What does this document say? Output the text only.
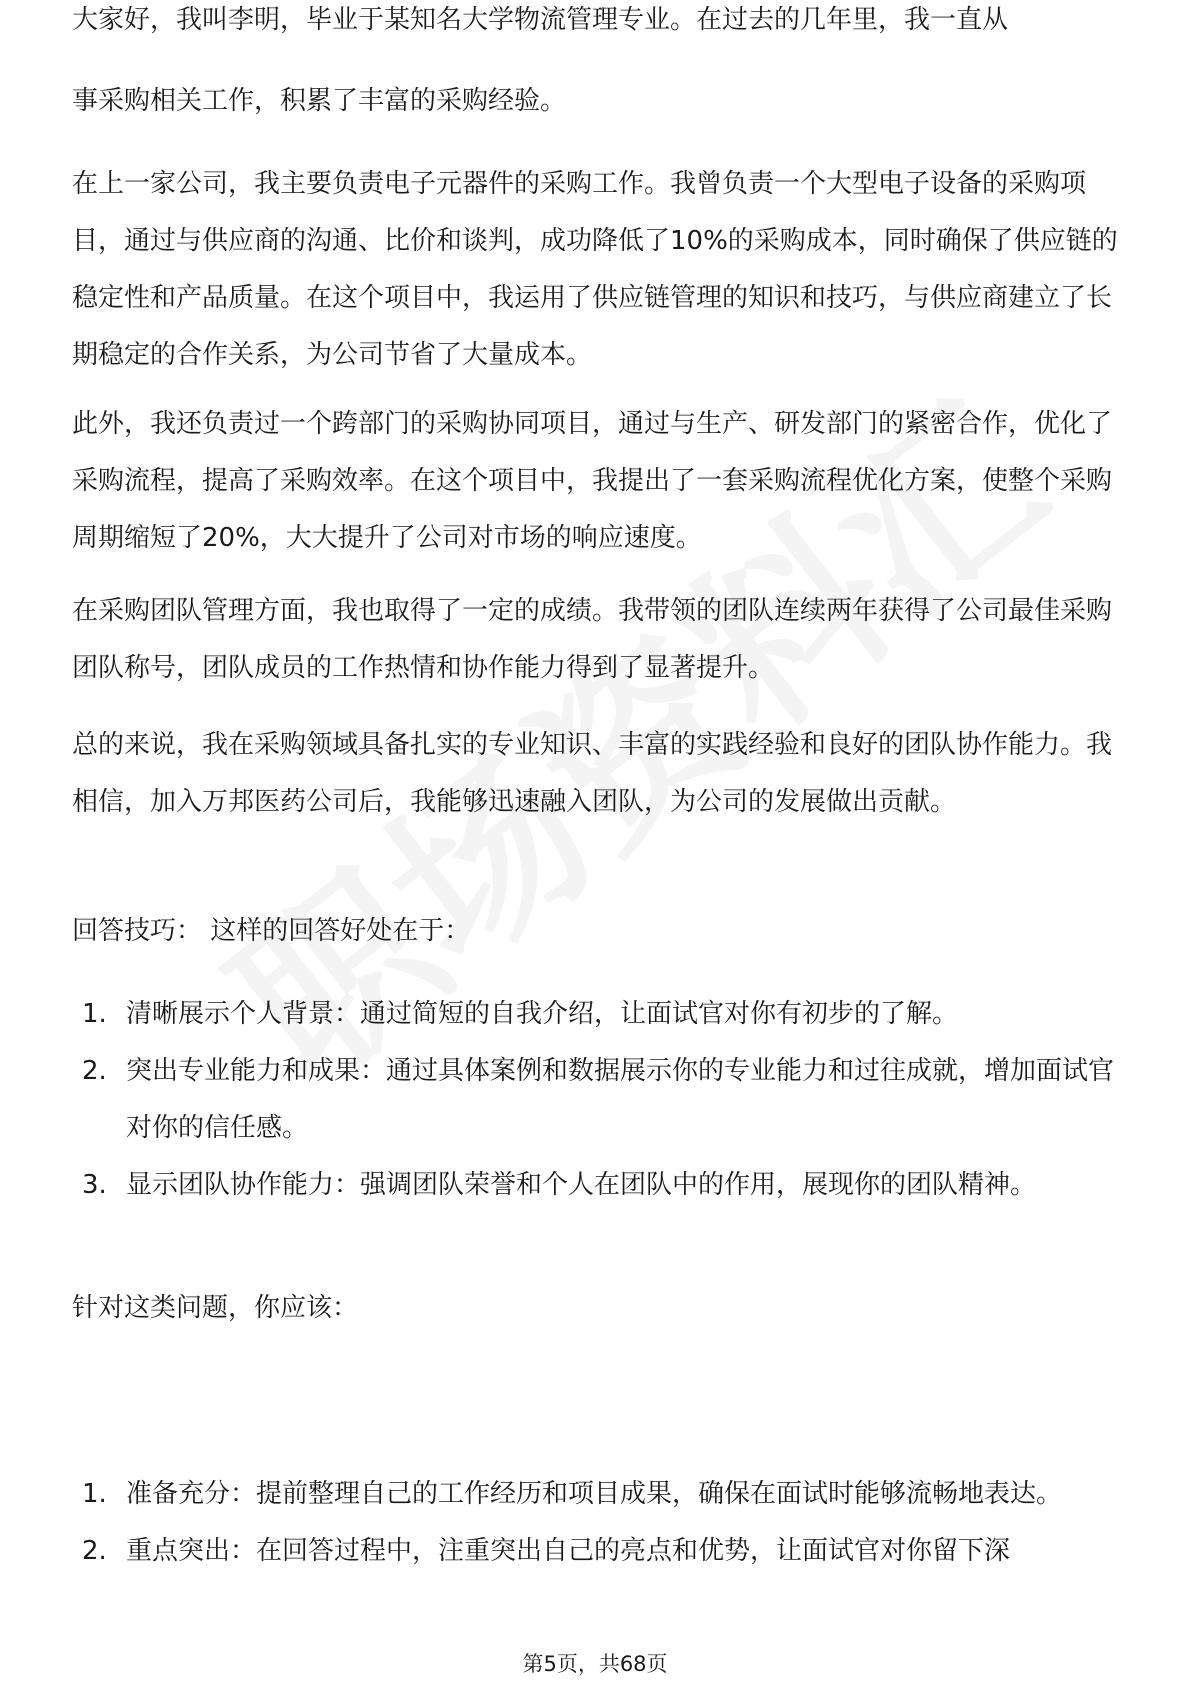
大家好，我叫李明，毕业于某知名大学物流管理专业。在过去的几年里，我一直从

事采购相关工作，积累了丰富的采购经验。

在上一家公司，我主要负责电子元器件的采购工作。我曾负责一个大型电子设备的采购项目，通过与供应商的沟通、比价和谈判，成功降低了10%的采购成本，同时确保了供应链的稳定性和产品质量。在这个项目中，我运用了供应链管理的知识和技巧，与供应商建立了长期稳定的合作关系，为公司节省了大量成本。

此外，我还负责过一个跨部门的采购协同项目，通过与生产、研发部门的紧密合作，优化了采购流程，提高了采购效率。在这个项目中，我提出了一套采购流程优化方案，使整个采购周期缩短了20%，大大提升了公司对市场的响应速度。

在采购团队管理方面，我也取得了一定的成绩。我带领的团队连续两年获得了公司最佳采购团队称号，团队成员的工作热情和协作能力得到了显著提升。

总的来说，我在采购领域具备扎实的专业知识、丰富的实践经验和良好的团队协作能力。我相信，加入万邦医药公司后，我能够迅速融入团队，为公司的发展做出贡献。

回答技巧： 这样的回答好处在于：

1. 清晰展示个人背景：通过简短的自我介绍，让面试官对你有初步的了解。
2. 突出专业能力和成果：通过具体案例和数据展示你的专业能力和过往成就，增加面试官对你的信任感。
3. 显示团队协作能力：强调团队荣誉和个人在团队中的作用，展现你的团队精神。

针对这类问题，你应该：

1. 准备充分：提前整理自己的工作经历和项目成果，确保在面试时能够流畅地表达。
2. 重点突出：在回答过程中，注重突出自己的亮点和优势，让面试官对你留下深
第5页，共68页
